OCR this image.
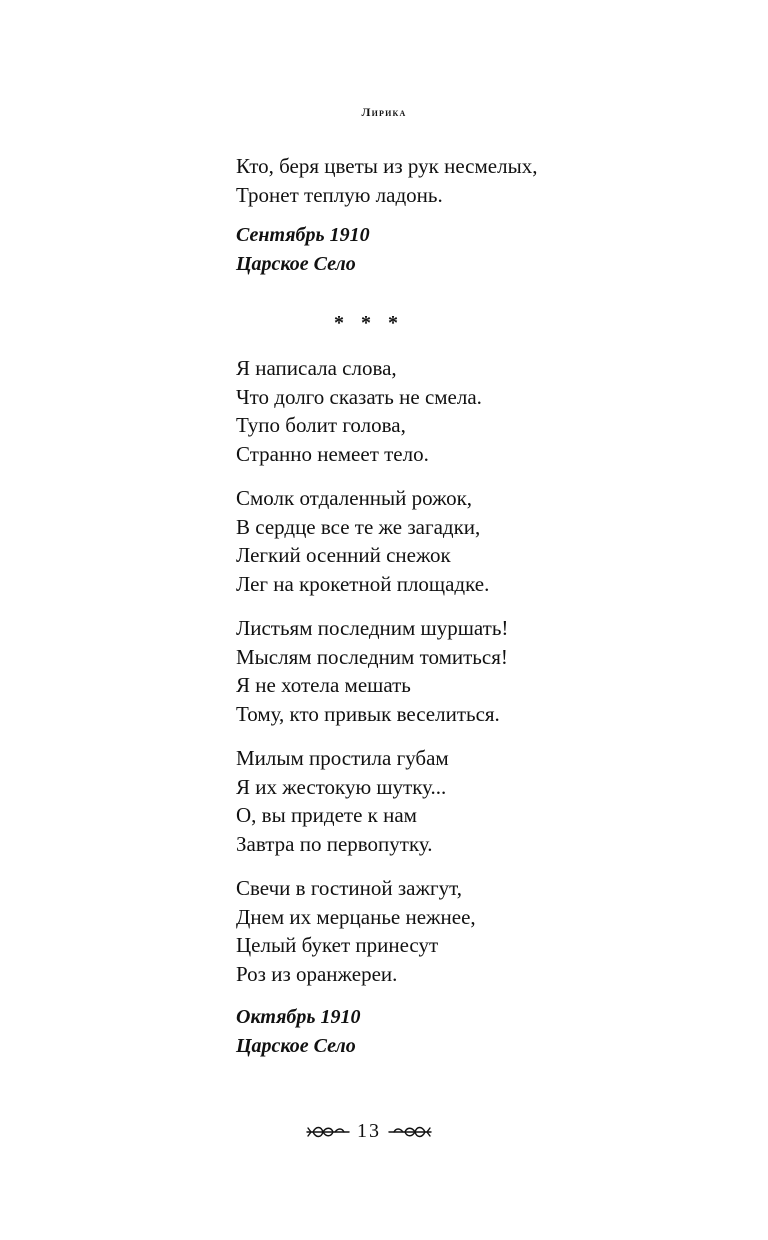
Лирика
Кто, беря цветы из рук несмелых,
Тронет теплую ладонь.
Сентябрь 1910
Царское Село
* * *
Я написала слова,
Что долго сказать не смела.
Тупо болит голова,
Странно немеет тело.
Смолк отдаленный рожок,
В сердце все те же загадки,
Легкий осенний снежок
Лег на крокетной площадке.
Листьям последним шуршать!
Мыслям последним томиться!
Я не хотела мешать
Тому, кто привык веселиться.
Милым простила губам
Я их жестокую шутку...
О, вы придете к нам
Завтра по первопутку.
Свечи в гостиной зажгут,
Днем их мерцанье нежнее,
Целый букет принесут
Роз из оранжереи.
Октябрь 1910
Царское Село
13
